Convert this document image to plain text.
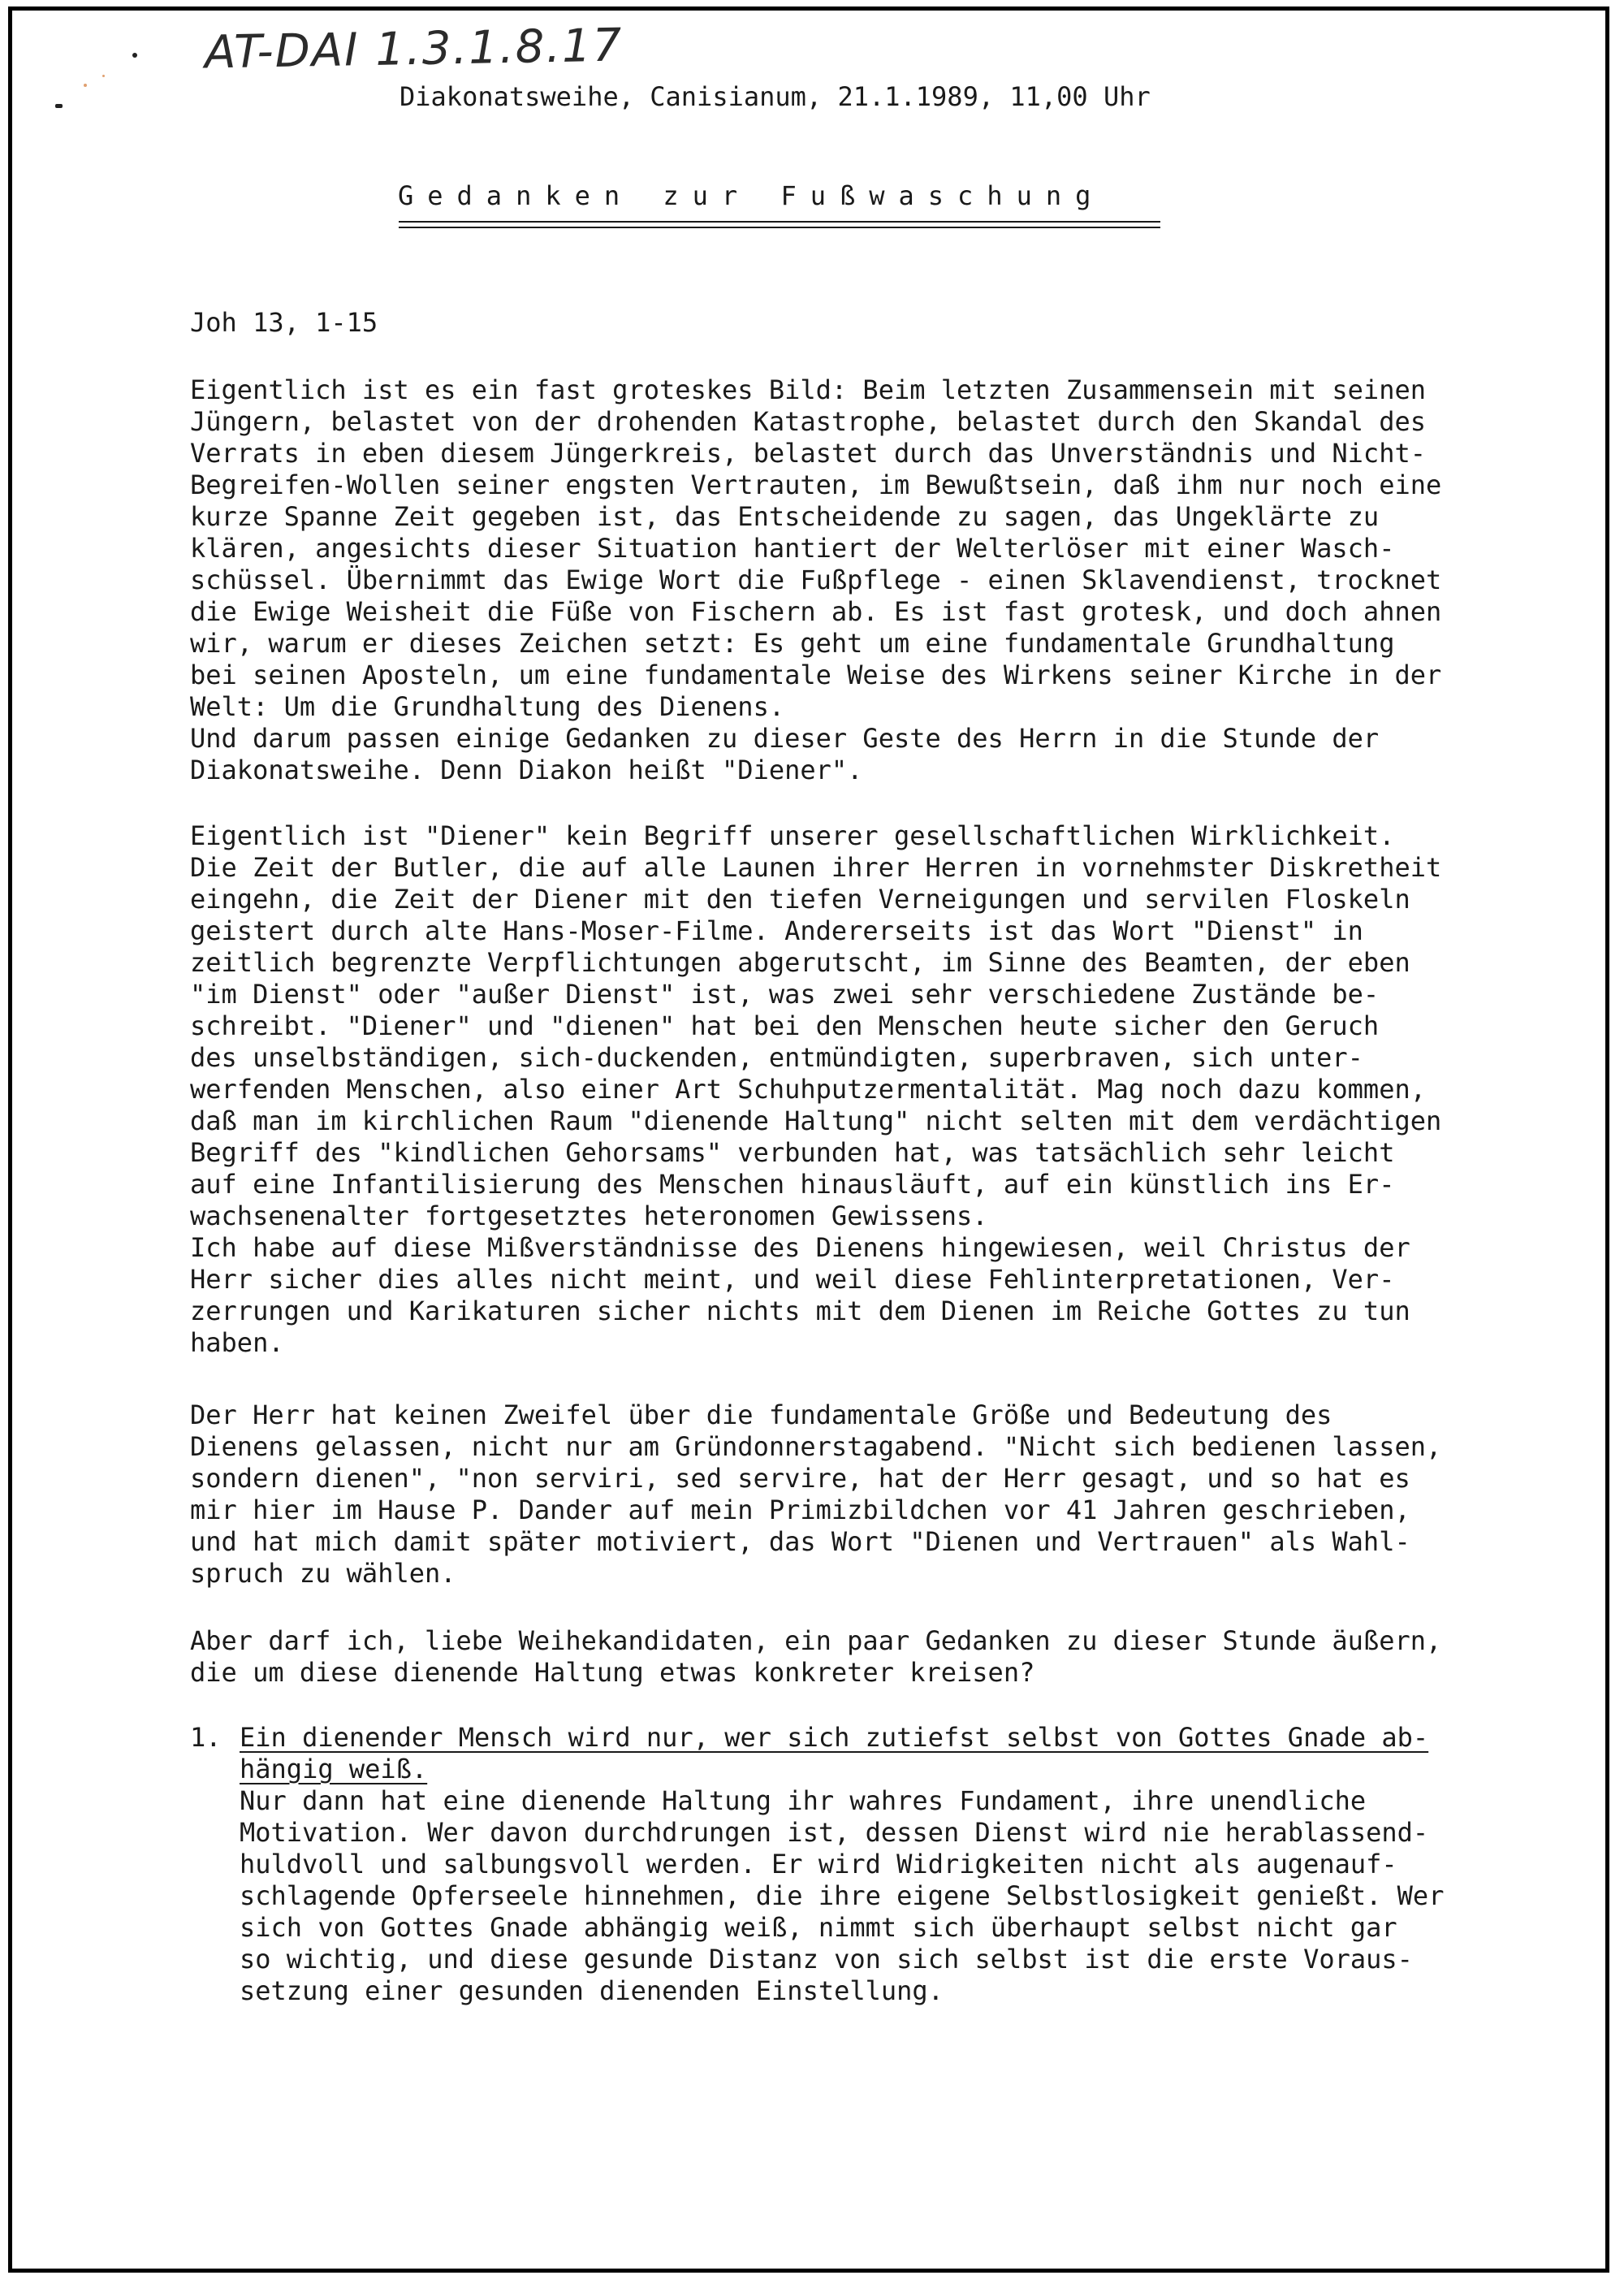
AT-DAI 1.3.1.8.17
Diakonatsweihe, Canisianum, 21.1.1989, 11,00 Uhr
Gedanken zur Fußwaschung
Joh 13, 1-15
Eigentlich ist es ein fast groteskes Bild: Beim letzten Zusammensein mit seinen
Jüngern, belastet von der drohenden Katastrophe, belastet durch den Skandal des
Verrats in eben diesem Jüngerkreis, belastet durch das Unverständnis und Nicht-
Begreifen-Wollen seiner engsten Vertrauten, im Bewußtsein, daß ihm nur noch eine
kurze Spanne Zeit gegeben ist, das Entscheidende zu sagen, das Ungeklärte zu
klären, angesichts dieser Situation hantiert der Welterlöser mit einer Wasch-
schüssel. Übernimmt das Ewige Wort die Fußpflege - einen Sklavendienst, trocknet
die Ewige Weisheit die Füße von Fischern ab. Es ist fast grotesk, und doch ahnen
wir, warum er dieses Zeichen setzt: Es geht um eine fundamentale Grundhaltung
bei seinen Aposteln, um eine fundamentale Weise des Wirkens seiner Kirche in der
Welt: Um die Grundhaltung des Dienens.
Und darum passen einige Gedanken zu dieser Geste des Herrn in die Stunde der
Diakonatsweihe. Denn Diakon heißt "Diener".
Eigentlich ist "Diener" kein Begriff unserer gesellschaftlichen Wirklichkeit.
Die Zeit der Butler, die auf alle Launen ihrer Herren in vornehmster Diskretheit
eingehn, die Zeit der Diener mit den tiefen Verneigungen und servilen Floskeln
geistert durch alte Hans-Moser-Filme. Andererseits ist das Wort "Dienst" in
zeitlich begrenzte Verpflichtungen abgerutscht, im Sinne des Beamten, der eben
"im Dienst" oder "außer Dienst" ist, was zwei sehr verschiedene Zustände be-
schreibt. "Diener" und "dienen" hat bei den Menschen heute sicher den Geruch
des unselbständigen, sich-duckenden, entmündigten, superbraven, sich unter-
werfenden Menschen, also einer Art Schuhputzermentalität. Mag noch dazu kommen,
daß man im kirchlichen Raum "dienende Haltung" nicht selten mit dem verdächtigen
Begriff des "kindlichen Gehorsams" verbunden hat, was tatsächlich sehr leicht
auf eine Infantilisierung des Menschen hinausläuft, auf ein künstlich ins Er-
wachsenenalter fortgesetztes heteronomen Gewissens.
Ich habe auf diese Mißverständnisse des Dienens hingewiesen, weil Christus der
Herr sicher dies alles nicht meint, und weil diese Fehlinterpretationen, Ver-
zerrungen und Karikaturen sicher nichts mit dem Dienen im Reiche Gottes zu tun
haben.
Der Herr hat keinen Zweifel über die fundamentale Größe und Bedeutung des
Dienens gelassen, nicht nur am Gründonnerstagabend. "Nicht sich bedienen lassen,
sondern dienen", "non serviri, sed servire, hat der Herr gesagt, und so hat es
mir hier im Hause P. Dander auf mein Primizbildchen vor 41 Jahren geschrieben,
und hat mich damit später motiviert, das Wort "Dienen und Vertrauen" als Wahl-
spruch zu wählen.
Aber darf ich, liebe Weihekandidaten, ein paar Gedanken zu dieser Stunde äußern,
die um diese dienende Haltung etwas konkreter kreisen?
1. Ein dienender Mensch wird nur, wer sich zutiefst selbst von Gottes Gnade ab-
hängig weiß.
Nur dann hat eine dienende Haltung ihr wahres Fundament, ihre unendliche
Motivation. Wer davon durchdrungen ist, dessen Dienst wird nie herablassend-
huldvoll und salbungsvoll werden. Er wird Widrigkeiten nicht als augenauf-
schlagende Opferseele hinnehmen, die ihre eigene Selbstlosigkeit genießt. Wer
sich von Gottes Gnade abhängig weiß, nimmt sich überhaupt selbst nicht gar
so wichtig, und diese gesunde Distanz von sich selbst ist die erste Voraus-
setzung einer gesunden dienenden Einstellung.
